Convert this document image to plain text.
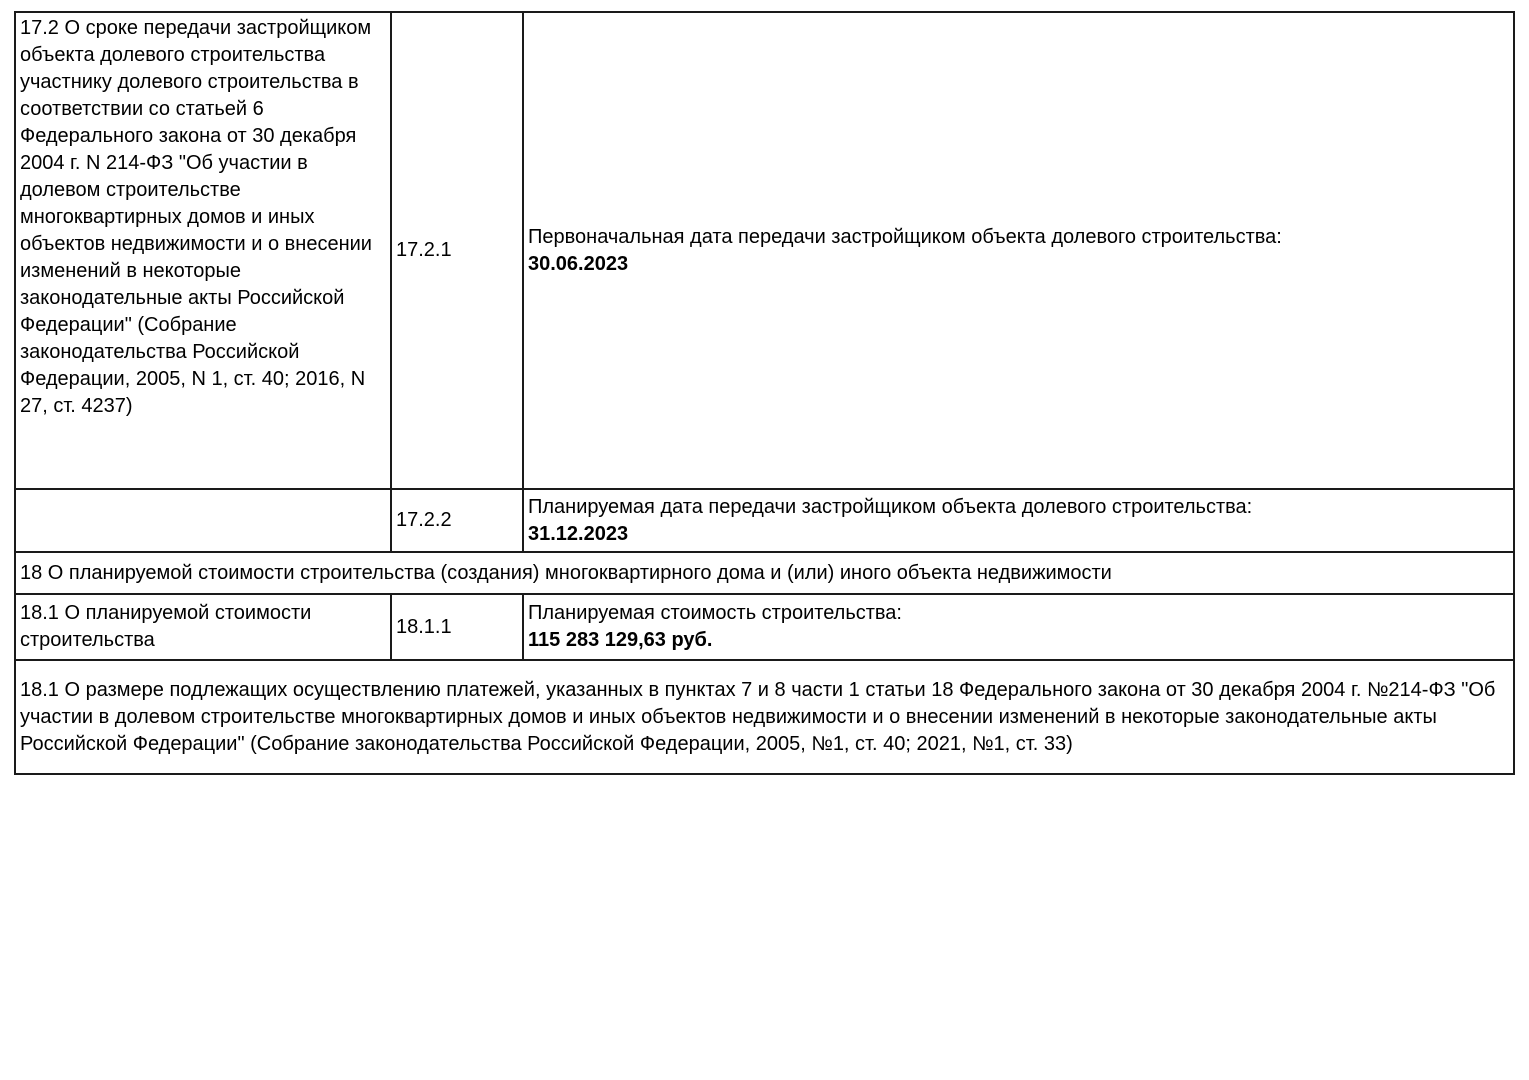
17.2 О сроке передачи застройщиком объекта долевого строительства участнику долевого строительства в соответствии со статьей 6 Федерального закона от 30 декабря 2004 г. N 214-ФЗ "Об участии в долевом строительстве многоквартирных домов и иных объектов недвижимости и о внесении изменений в некоторые законодательные акты Российской Федерации" (Собрание законодательства Российской Федерации, 2005, N 1, ст. 40; 2016, N 27, ст. 4237)	17.2.1	Первоначальная дата передачи застройщиком объекта долевого строительства:
30.06.2023

	17.2.2	Планируемая дата передачи застройщиком объекта долевого строительства:
31.12.2023

18 О планируемой стоимости строительства (создания) многоквартирного дома и (или) иного объекта недвижимости		
18.1 О планируемой стоимости строительства	18.1.1	Планируемая стоимость строительства:
115 283 129,63 руб.

18.1 О размере подлежащих осуществлению платежей, указанных в пунктах 7 и 8 части 1 статьи 18 Федерального закона от 30 декабря 2004 г. №214-ФЗ "Об участии в долевом строительстве многоквартирных домов и иных объектов недвижимости и о внесении изменений в некоторые законодательные акты Российской Федерации" (Собрание законодательства Российской Федерации, 2005, №1, ст. 40; 2021, №1, ст. 33)		
